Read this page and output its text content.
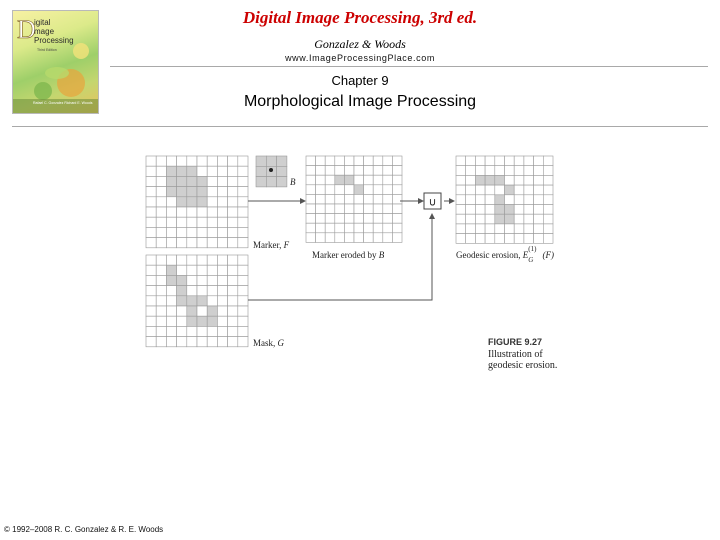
D
igital
mage
Processing
Third Edition
Rafael C. Gonzalez Richard E. Woods
Digital Image Processing, 3rd ed.
Gonzalez & Woods
www.ImageProcessingPlace.com
Chapter 9
Morphological Image Processing
∪
B
Marker, F
Marker eroded by B	Geodesic erosion, E
(1)
G (F)
Mask, G	FIGURE 9.27
Illustration of
geodesic erosion.
© 1992–2008 R. C. Gonzalez & R. E. Woods
